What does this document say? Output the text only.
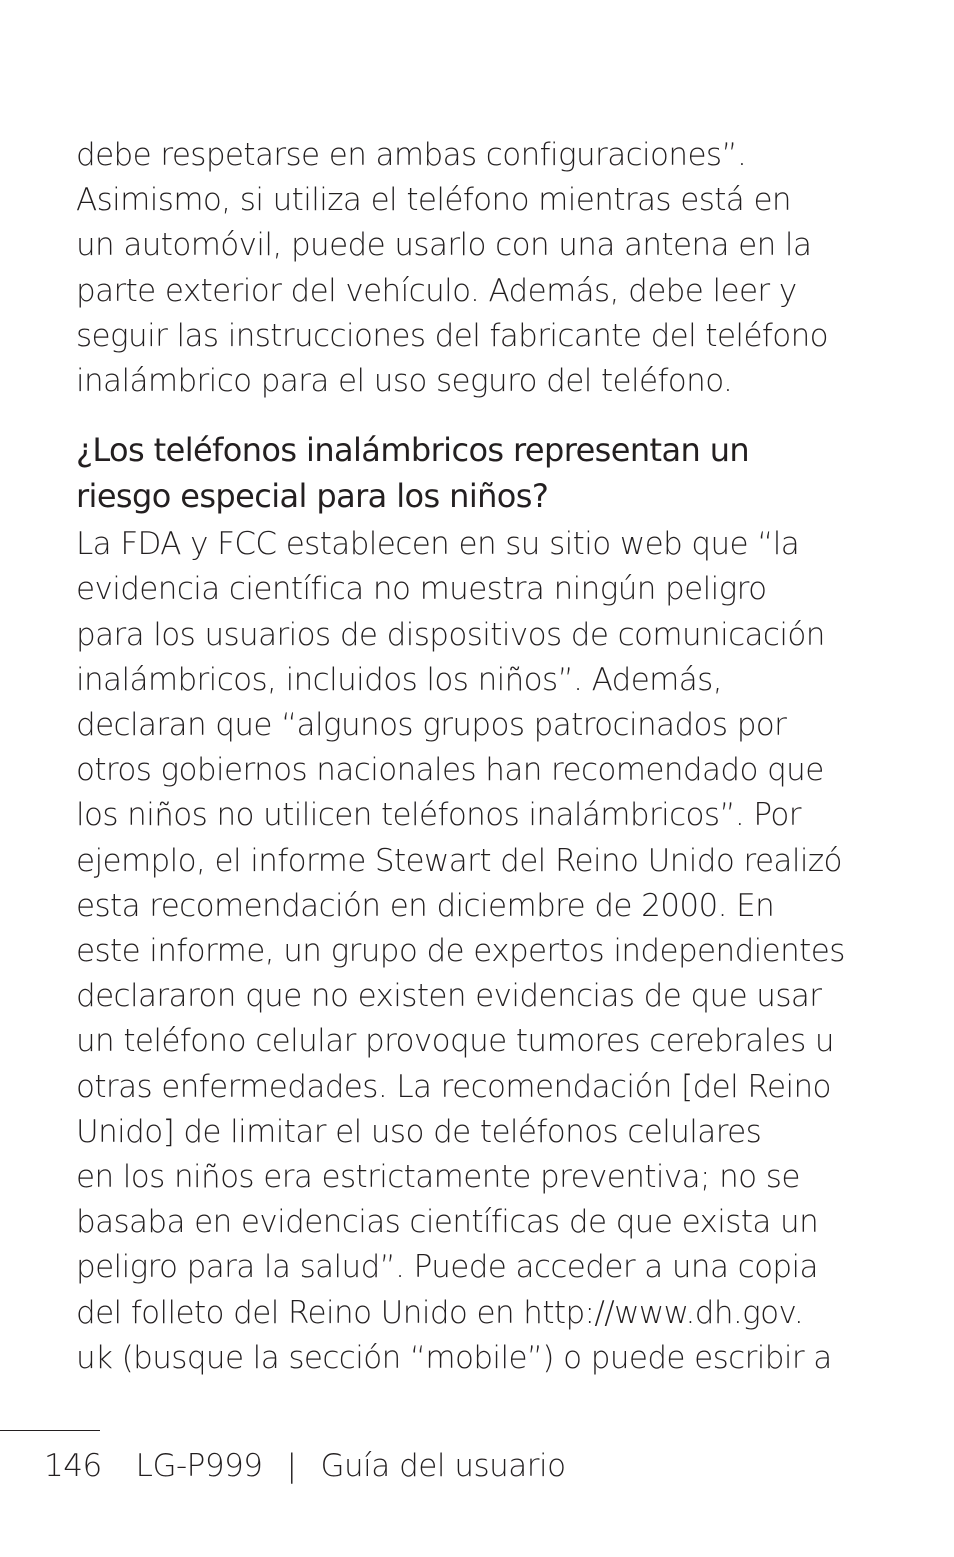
debe respetarse en ambas configuraciones”.
Asimismo, si utiliza el teléfono mientras está en
un automóvil, puede usarlo con una antena en la
parte exterior del vehículo. Además, debe leer y
seguir las instrucciones del fabricante del teléfono
inalámbrico para el uso seguro del teléfono.
¿Los teléfonos inalámbricos representan un
riesgo especial para los niños?
La FDA y FCC establecen en su sitio web que “la
evidencia científica no muestra ningún peligro
para los usuarios de dispositivos de comunicación
inalámbricos, incluidos los niños”. Además,
declaran que “algunos grupos patrocinados por
otros gobiernos nacionales han recomendado que
los niños no utilicen teléfonos inalámbricos”. Por
ejemplo, el informe Stewart del Reino Unido realizó
esta recomendación en diciembre de 2000. En
este informe, un grupo de expertos independientes
declararon que no existen evidencias de que usar
un teléfono celular provoque tumores cerebrales u
otras enfermedades. La recomendación [del Reino
Unido] de limitar el uso de teléfonos celulares
en los niños era estrictamente preventiva; no se
basaba en evidencias científicas de que exista un
peligro para la salud”. Puede acceder a una copia
del folleto del Reino Unido en http://www.dh.gov.
uk (busque la sección “mobile”) o puede escribir a
146 LG-P999 | Guía del usuario
